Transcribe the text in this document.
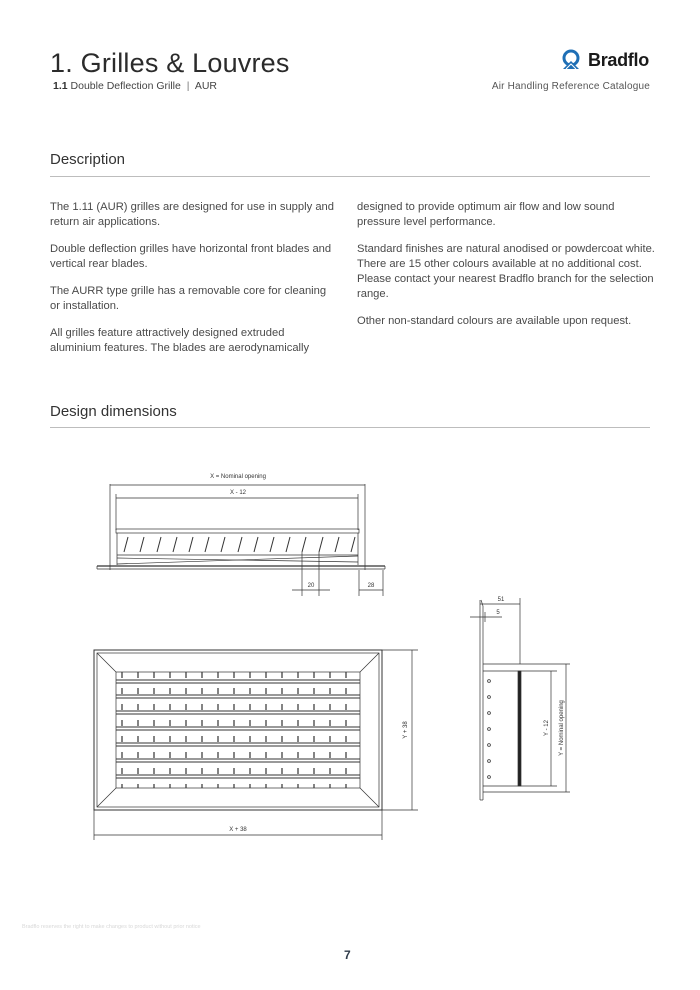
1. Grilles & Louvres
1.1 Double Deflection Grille | AUR
Bradflo
Air Handling Reference Catalogue
Description

The 1.11 (AUR) grilles are designed for use in supply and return air applications.

Double deflection grilles have horizontal front blades and vertical rear blades.

The AURR type grille has a removable core for cleaning or installation.

All grilles feature attractively designed extruded aluminium features. The blades are aerodynamically

designed to provide optimum air flow and low sound pressure level performance.

Standard finishes are natural anodised or powdercoat white. There are 15 other colours available at no additional cost. Please contact your nearest Bradflo branch for the selection range.

Other non-standard colours are available upon request.

Design dimensions
X = Nominal opening
X - 12
20	28
X + 38
Y + 38
51
5
Y - 12 Y = Nominal opening
Bradflo reserves the right to make changes to product without prior notice
7
